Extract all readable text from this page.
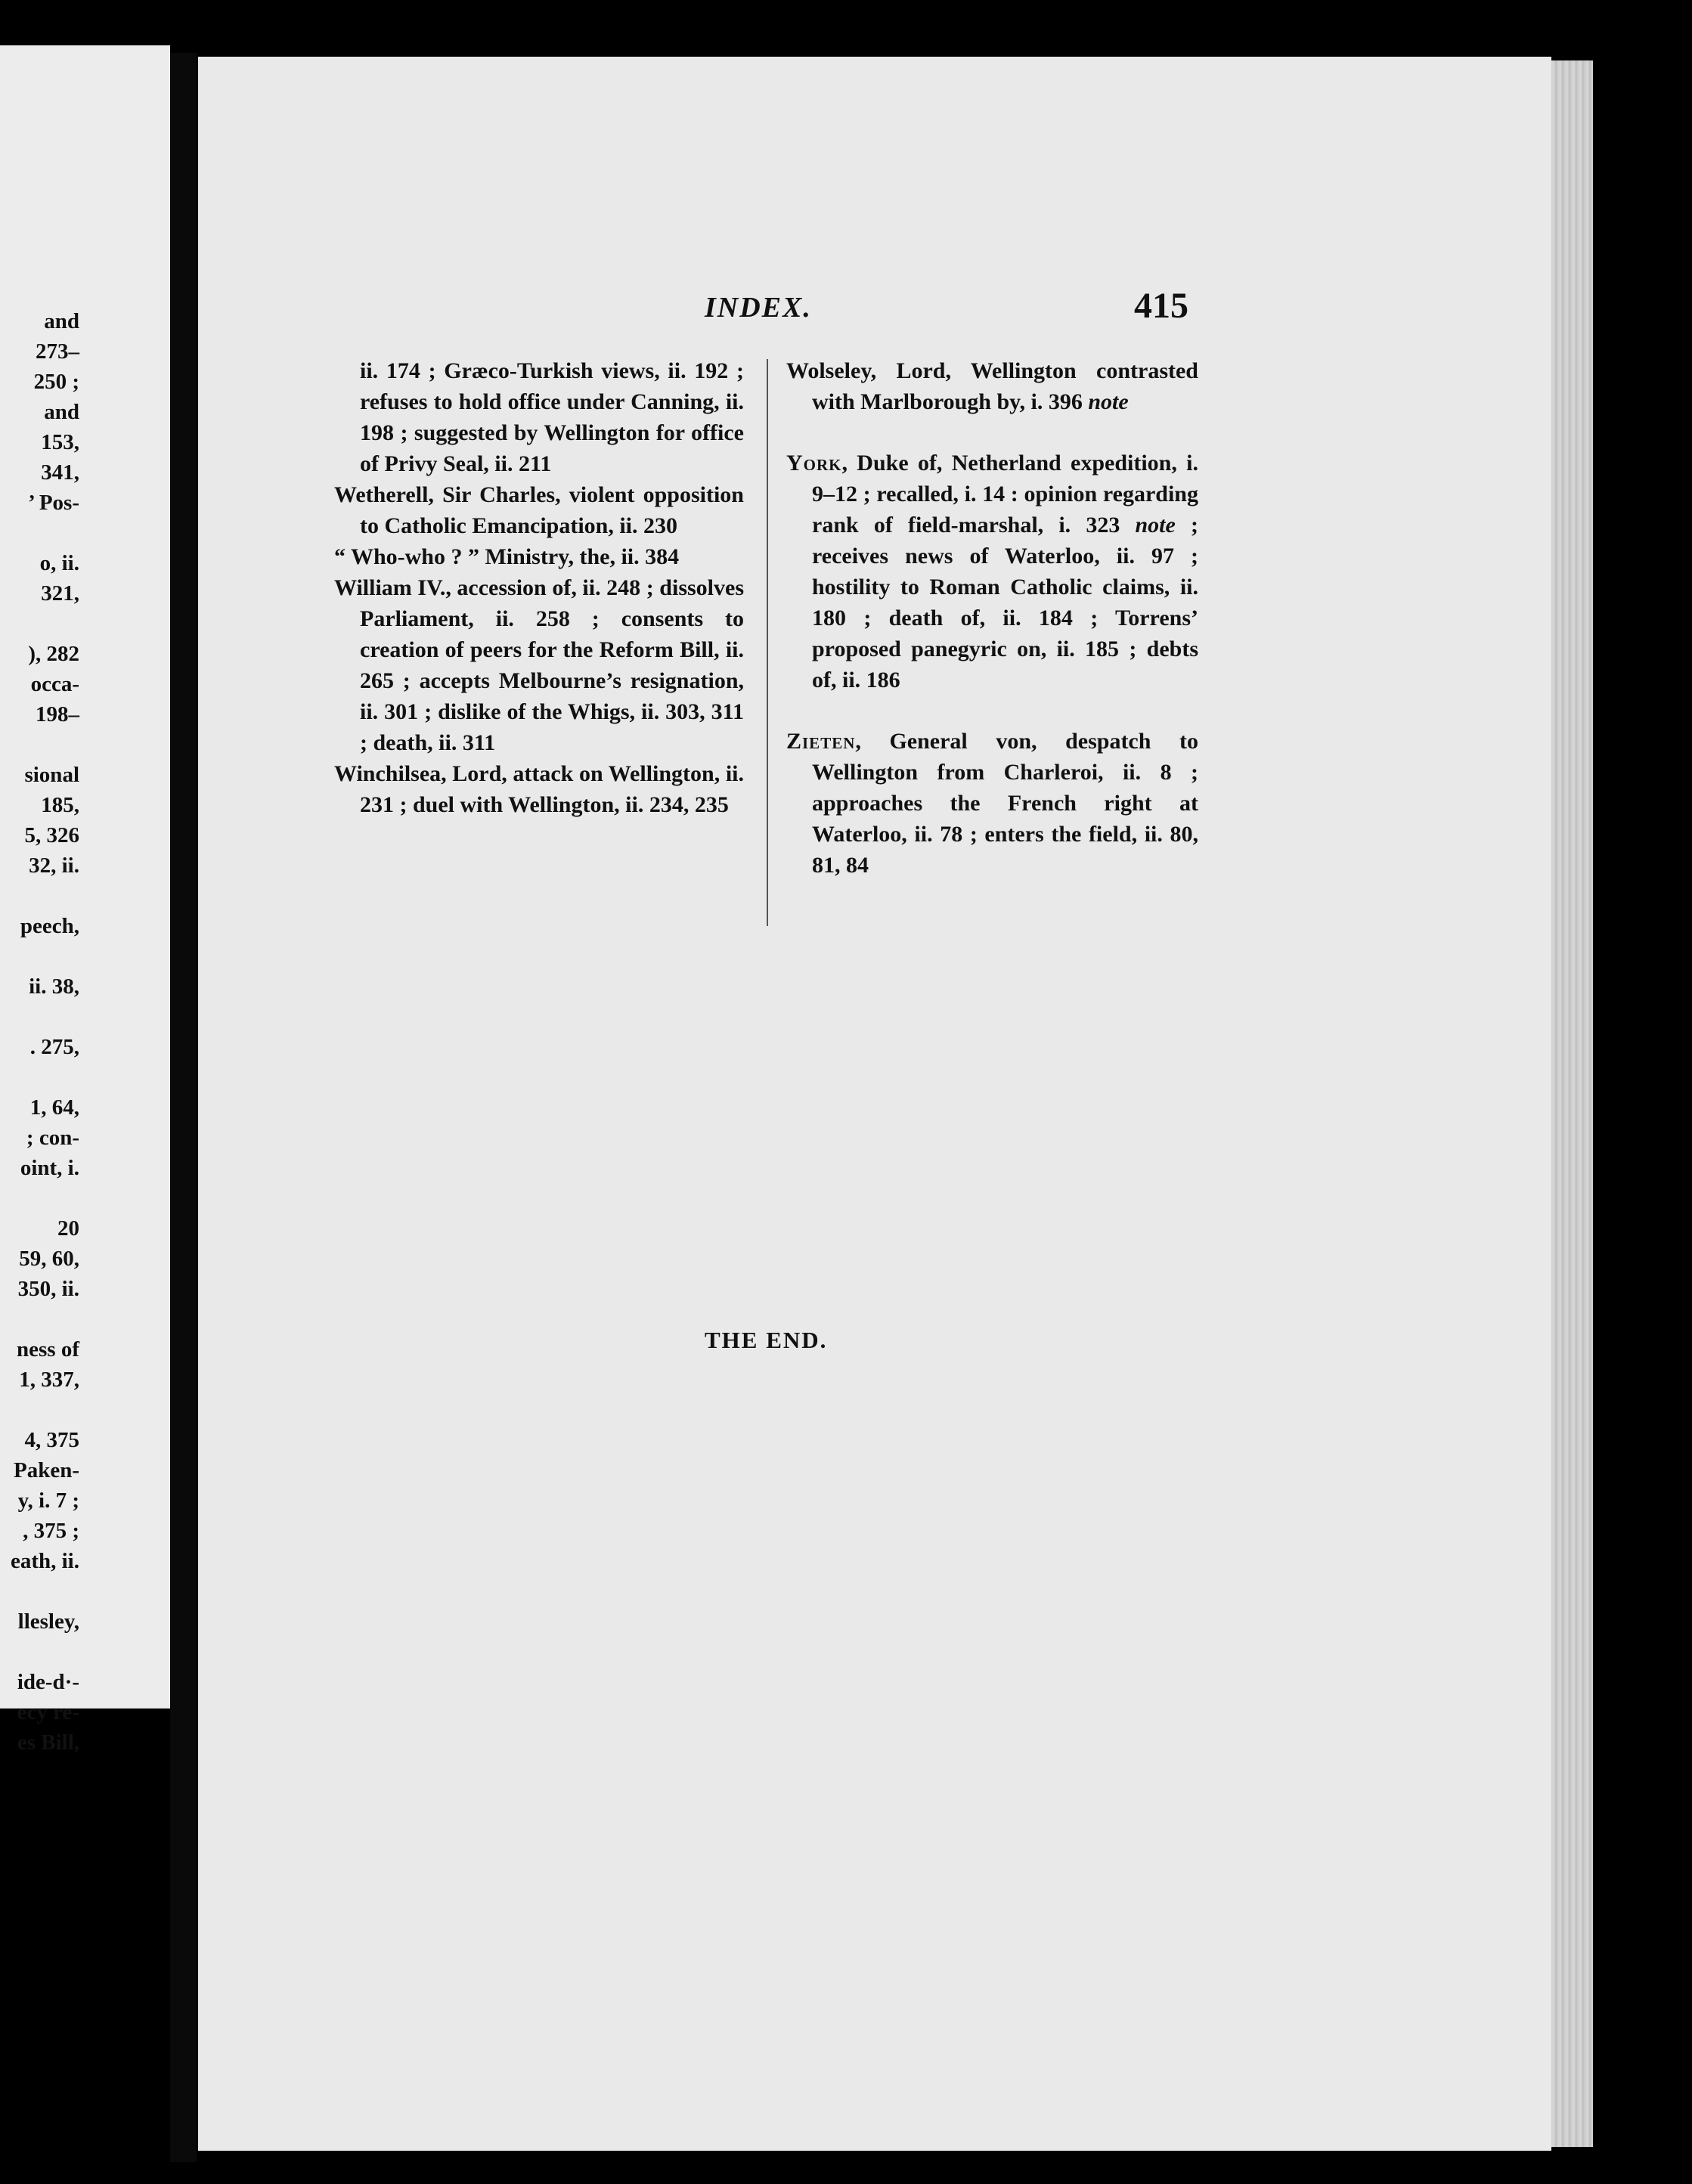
and
273–
250 ;
and
153,
341,
’ Pos-
o, ii.
321,
), 282
occa-
198–
sional
185,
5, 326
32, ii.
peech,
ii. 38,
. 275,
1, 64,
; con-
oint, i.
20
59, 60,
350, ii.
ness of
1, 337,
4, 375
Paken-
y, i. 7 ;
, 375 ;
eath, ii.
llesley,
ide-d·-
ecy re-
es Bill,
INDEX.	415

ii. 174 ; Græco-Turkish views, ii. 192 ; refuses to hold office under Canning, ii. 198 ; suggested by Wellington for office of Privy Seal, ii. 211

Wetherell, Sir Charles, violent opposition to Catholic Emancipation, ii. 230

“ Who-who ? ” Ministry, the, ii. 384

William IV., accession of, ii. 248 ; dissolves Parliament, ii. 258 ; consents to creation of peers for the Reform Bill, ii. 265 ; accepts Melbourne’s resignation, ii. 301 ; dislike of the Whigs, ii. 303, 311 ; death, ii. 311

Winchilsea, Lord, attack on Wellington, ii. 231 ; duel with Wellington, ii. 234, 235

Wolseley, Lord, Wellington contrasted with Marlborough by, i. 396 note

York, Duke of, Netherland expedition, i. 9–12 ; recalled, i. 14 : opinion regarding rank of field-marshal, i. 323 note ; receives news of Waterloo, ii. 97 ; hostility to Roman Catholic claims, ii. 180 ; death of, ii. 184 ; Torrens’ proposed panegyric on, ii. 185 ; debts of, ii. 186

Zieten, General von, despatch to Wellington from Charleroi, ii. 8 ; approaches the French right at Waterloo, ii. 78 ; enters the field, ii. 80, 81, 84

THE END.
